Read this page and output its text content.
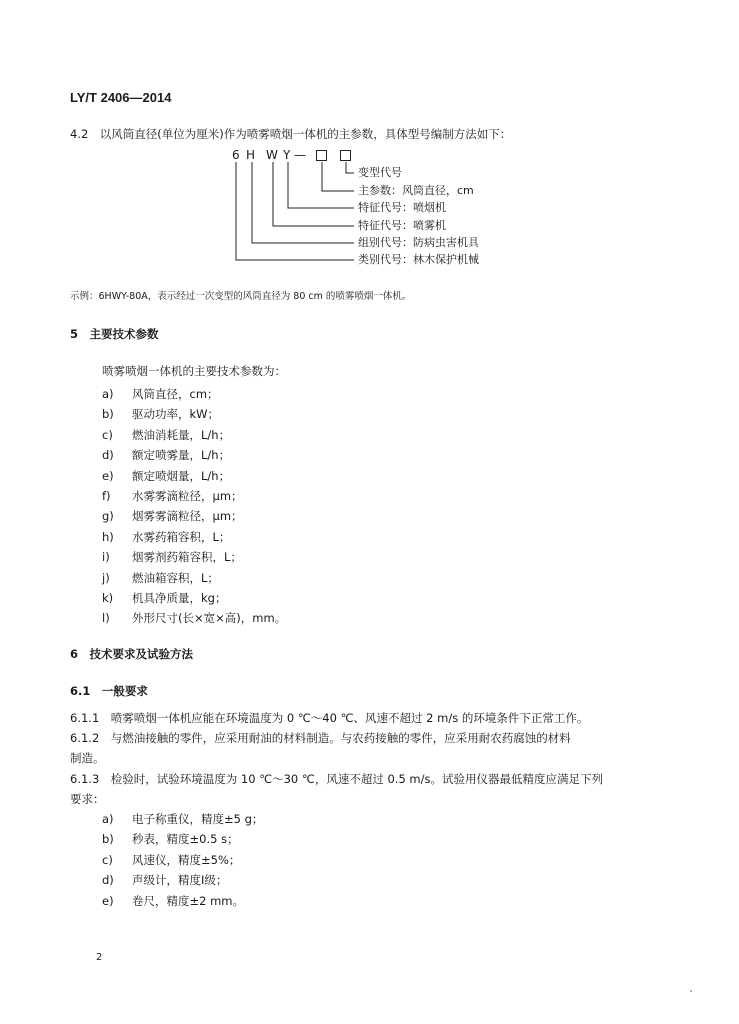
LY/T 2406—2014
4.2　以风筒直径(单位为厘米)作为喷雾喷烟一体机的主参数，具体型号编制方法如下：
6 H W Y —
变型代号
主参数：风筒直径，cm
特征代号：喷烟机
特征代号：喷雾机
组别代号：防病虫害机具
类别代号：林木保护机械
示例：6HWY-80A，表示经过一次变型的风筒直径为 80 cm 的喷雾喷烟一体机。
5　主要技术参数
喷雾喷烟一体机的主要技术参数为：
a) 风筒直径，cm；
b) 驱动功率，kW；
c) 燃油消耗量，L/h；
d) 额定喷雾量，L/h；
e) 额定喷烟量，L/h；
f) 水雾雾滴粒径，μm；
g) 烟雾雾滴粒径，μm；
h) 水雾药箱容积，L；
i) 烟雾剂药箱容积，L；
j) 燃油箱容积，L；
k) 机具净质量，kg；
l) 外形尺寸(长×宽×高)，mm。
6　技术要求及试验方法
6.1　一般要求
6.1.1　喷雾喷烟一体机应能在环境温度为 0 ℃～40 ℃、风速不超过 2 m/s 的环境条件下正常工作。
6.1.2　与燃油接触的零件，应采用耐油的材料制造。与农药接触的零件，应采用耐农药腐蚀的材料
制造。
6.1.3　检验时，试验环境温度为 10 ℃～30 ℃，风速不超过 0.5 m/s。试验用仪器最低精度应满足下列
要求：
a) 电子称重仪，精度±5 g；
b) 秒表，精度±0.5 s；
c) 风速仪，精度±5%；
d) 声级计，精度Ⅰ级；
e) 卷尺，精度±2 mm。
2
